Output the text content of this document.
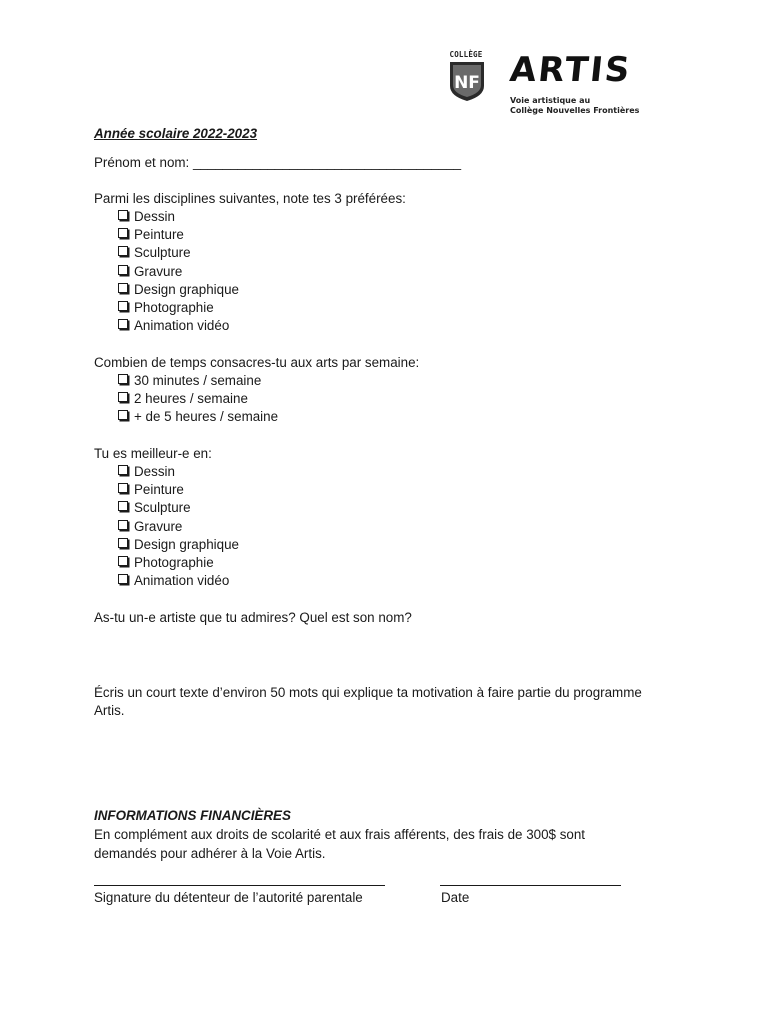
COLLÈGE
NF ARTIS
Voie artistique au
Collège Nouvelles Frontières
Année scolaire 2022-2023
Prénom et nom: ____________________________________
Parmi les disciplines suivantes, note tes 3 préférées:
Dessin
Peinture
Sculpture
Gravure
Design graphique
Photographie
Animation vidéo
Combien de temps consacres-tu aux arts par semaine:
30 minutes / semaine
2 heures / semaine
+ de 5 heures / semaine
Tu es meilleur-e en:
Dessin
Peinture
Sculpture
Gravure
Design graphique
Photographie
Animation vidéo
As-tu un-e artiste que tu admires? Quel est son nom?
Écris un court texte d’environ 50 mots qui explique ta motivation à faire partie du programme
Artis.
INFORMATIONS FINANCIÈRES
En complément aux droits de scolarité et aux frais afférents, des frais de 300$ sont
demandés pour adhérer à la Voie Artis.
Signature du détenteur de l’autorité parentale	Date
